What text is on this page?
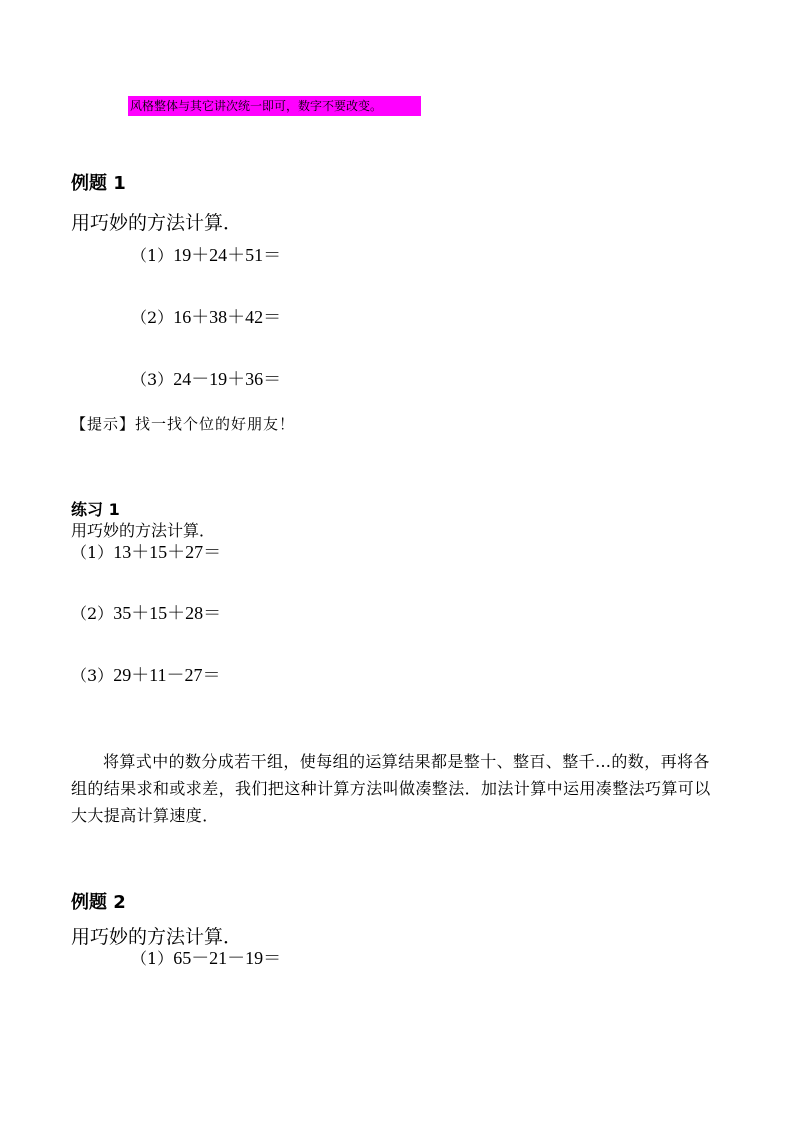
风格整体与其它讲次统一即可，数字不要改变。
例题 1
用巧妙的方法计算．
（1）19＋24＋51＝
（2）16＋38＋42＝
（3）24－19＋36＝
【提示】找一找个位的好朋友！
练习 1
用巧妙的方法计算．
（1）13＋15＋27＝
（2）35＋15＋28＝
（3）29＋11－27＝
将算式中的数分成若干组，使每组的运算结果都是整十、整百、整千…的数，再将各组的结果求和或求差，我们把这种计算方法叫做凑整法．加法计算中运用凑整法巧算可以大大提高计算速度．
例题 2
用巧妙的方法计算．
（1）65－21－19＝
